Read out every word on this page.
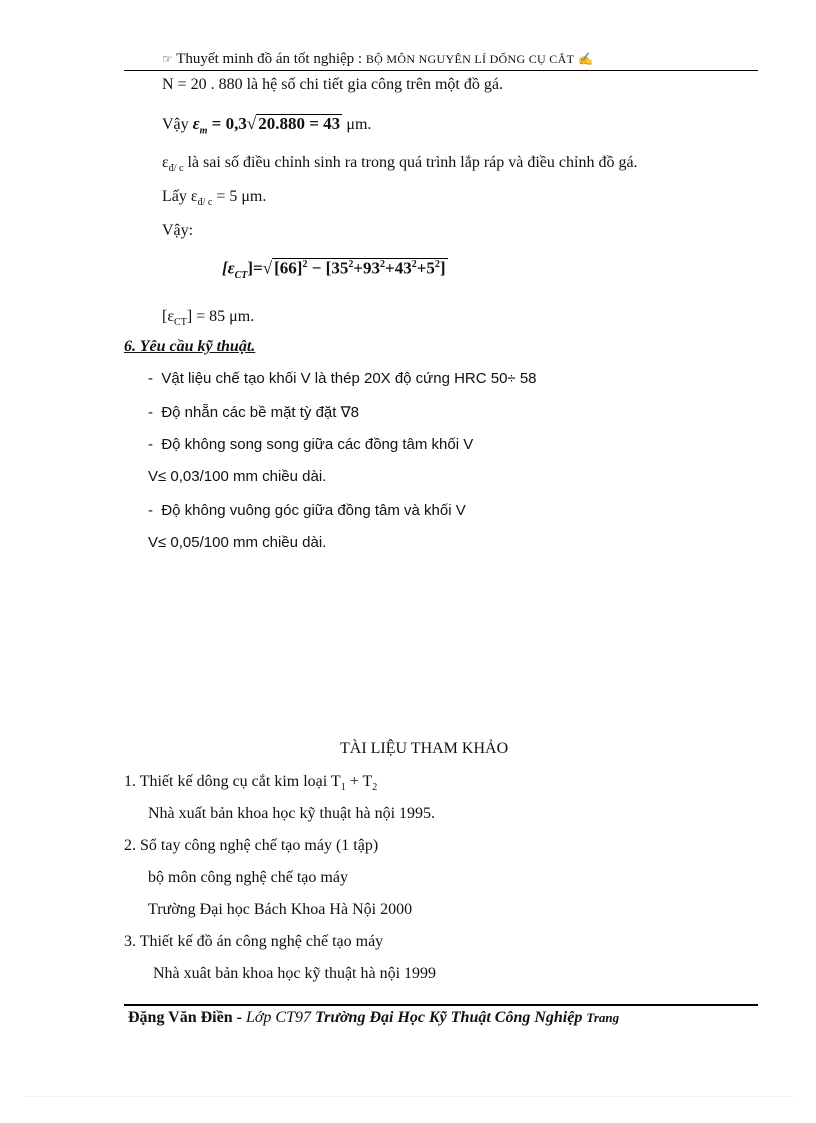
☞ Thuyết minh đồ án tốt nghiệp : BỘ MÔN NGUYÊN LÍ DỐNG CỤ CẮT ✍
N = 20 . 880 là hệ số chi tiết gia công trên một đồ gá.
Vậy $\varepsilon_m = 0,3√$ 20.880 = 43 μm.
$\varepsilon_{đ/ c}$ là sai số điều chỉnh sinh ra trong quá trình lắp ráp và điều chỉnh đồ gá.
Lấy $\varepsilon_{đ/ c} = 5$ μm.
Vậy:
$[\varepsilon_{CT}]=√$ $[66]^2 - [35^2+93^2+43^2+5^2]$
$[\varepsilon_{CT}] = 85$ μm.
6. Yêu cầu kỹ thuật.
- Vật liệu chế tạo khối V là thép 20X độ cứng HRC 50÷ 58
- Độ nhẵn các bề mặt tỳ đặt ∇8
- Độ không song song giữa các đồng tâm khối V
V≤ 0,03/100 mm chiều dài.
- Độ không vuông góc giữa đồng tâm và khối V
V≤ 0,05/100 mm chiều dài.
TÀI LIỆU THAM KHẢO
1. Thiết kế dông cụ cắt kim loại $T_1 + T_2$
Nhà xuất bản khoa học kỹ thuật hà nội 1995.
2. Sổ tay công nghệ chế tạo máy (1 tập)
bộ môn công nghệ chế tạo máy
Trường Đại học Bách Khoa Hà Nội 2000
3. Thiết kế đồ án công nghệ chế tạo máy
Nhà xuât bản khoa học kỹ thuật hà nội 1999
Đặng Văn Điền - Lớp CT97 Trường Đại Học Kỹ Thuật Công Nghiệp Trang
